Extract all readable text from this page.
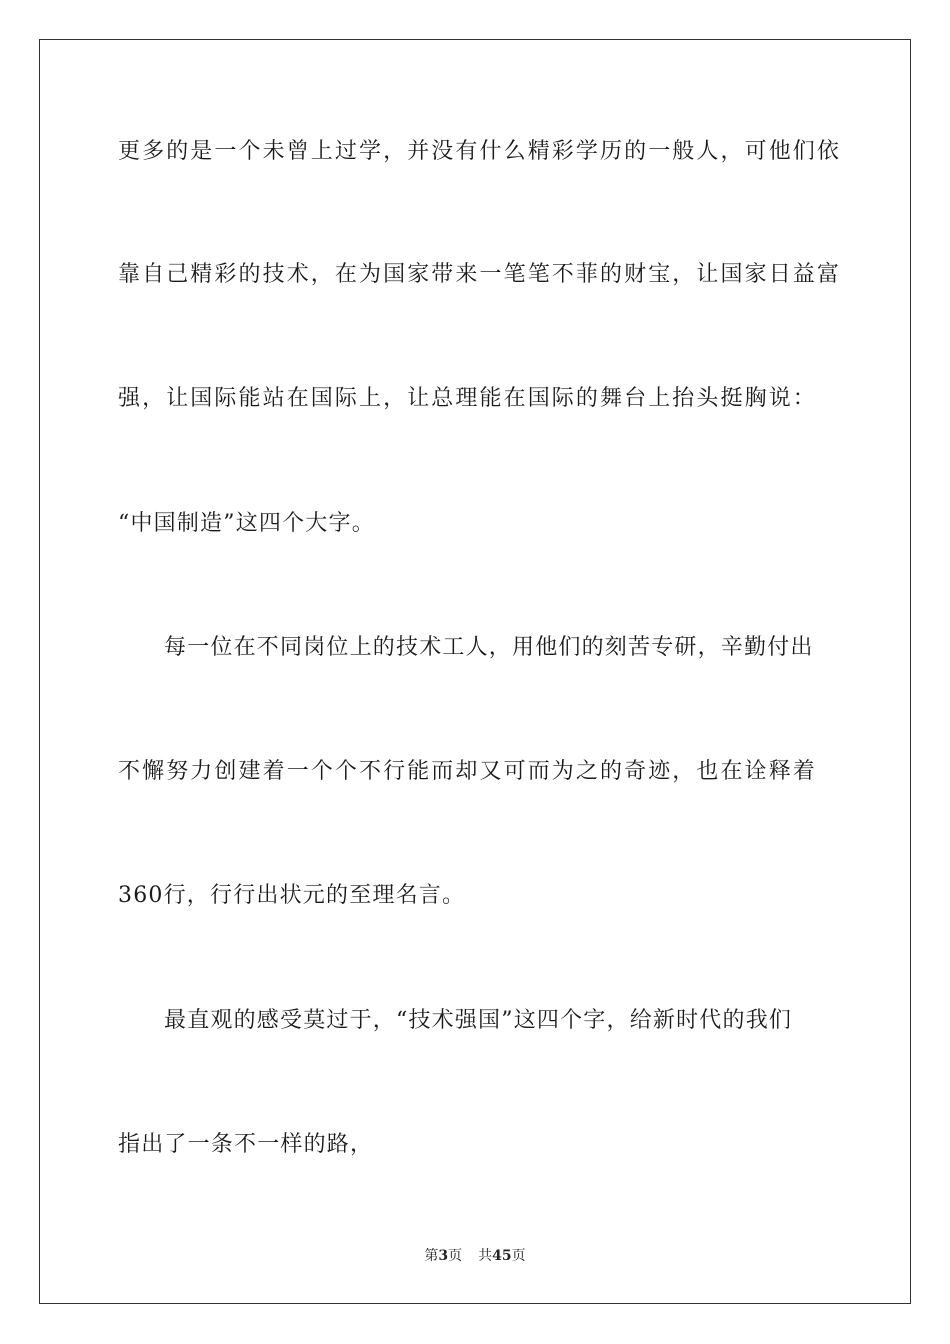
更多的是一个未曾上过学，并没有什么精彩学历的一般人，可他们依
靠自己精彩的技术，在为国家带来一笔笔不菲的财宝，让国家日益富
强，让国际能站在国际上，让总理能在国际的舞台上抬头挺胸说：
“中国制造”这四个大字。
每一位在不同岗位上的技术工人，用他们的刻苦专研，辛勤付出
不懈努力创建着一个个不行能而却又可而为之的奇迹，也在诠释着
360行，行行出状元的至理名言。
最直观的感受莫过于，“技术强国”这四个字，给新时代的我们
指出了一条不一样的路，
第3页 共45页
